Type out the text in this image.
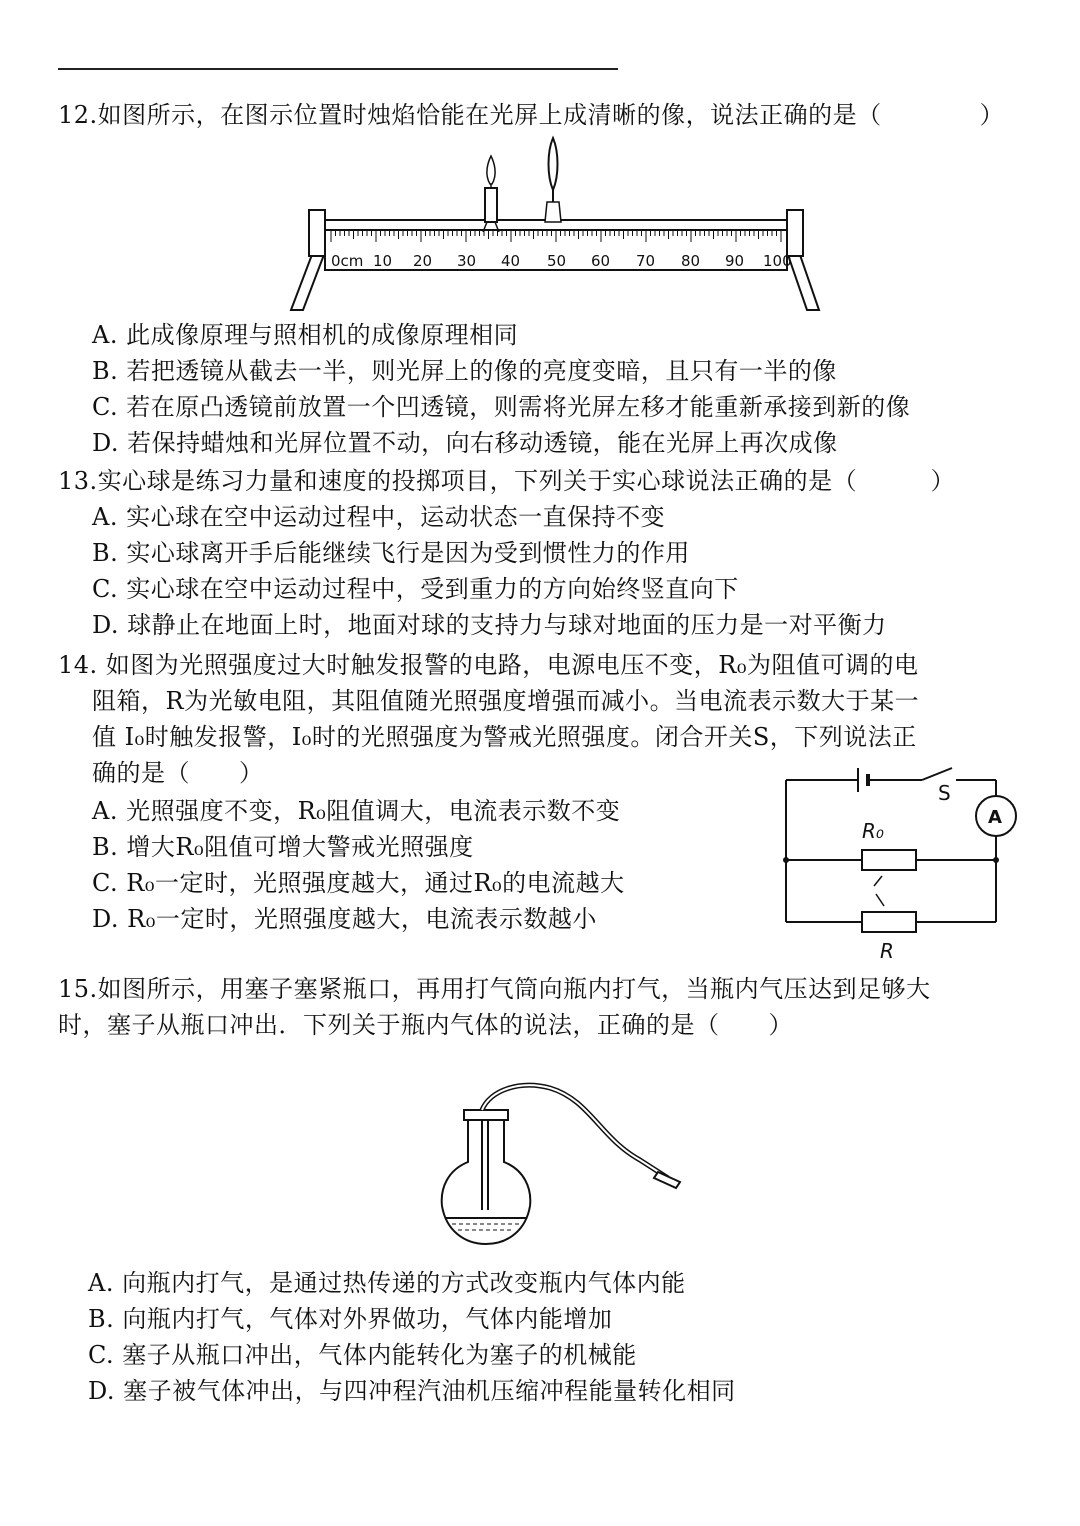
12.如图所示，在图示位置时烛焰恰能在光屏上成清晰的像，说法正确的是（　　　　）
0cm 10 20 30 40 50 60 70 80 90 100
A. 此成像原理与照相机的成像原理相同
B. 若把透镜从截去一半，则光屏上的像的亮度变暗，且只有一半的像
C. 若在原凸透镜前放置一个凹透镜，则需将光屏左移才能重新承接到新的像
D. 若保持蜡烛和光屏位置不动，向右移动透镜，能在光屏上再次成像
13.实心球是练习力量和速度的投掷项目，下列关于实心球说法正确的是（　　　）
A. 实心球在空中运动过程中，运动状态一直保持不变
B. 实心球离开手后能继续飞行是因为受到惯性力的作用
C. 实心球在空中运动过程中，受到重力的方向始终竖直向下
D. 球静止在地面上时，地面对球的支持力与球对地面的压力是一对平衡力
14. 如图为光照强度过大时触发报警的电路，电源电压不变，R₀为阻值可调的电
阻箱，R为光敏电阻，其阻值随光照强度增强而减小。当电流表示数大于某一
值 I₀时触发报警，I₀时的光照强度为警戒光照强度。闭合开关S，下列说法正
确的是（　　）
A. 光照强度不变，R₀阻值调大，电流表示数不变
B. 增大R₀阻值可增大警戒光照强度
C. R₀一定时，光照强度越大，通过R₀的电流越大
D. R₀一定时，光照强度越大，电流表示数越小
S
A
R₀
R
15.如图所示，用塞子塞紧瓶口，再用打气筒向瓶内打气，当瓶内气压达到足够大
时，塞子从瓶口冲出．下列关于瓶内气体的说法，正确的是（　　）
A. 向瓶内打气，是通过热传递的方式改变瓶内气体内能
B. 向瓶内打气，气体对外界做功，气体内能增加
C. 塞子从瓶口冲出，气体内能转化为塞子的机械能
D. 塞子被气体冲出，与四冲程汽油机压缩冲程能量转化相同
